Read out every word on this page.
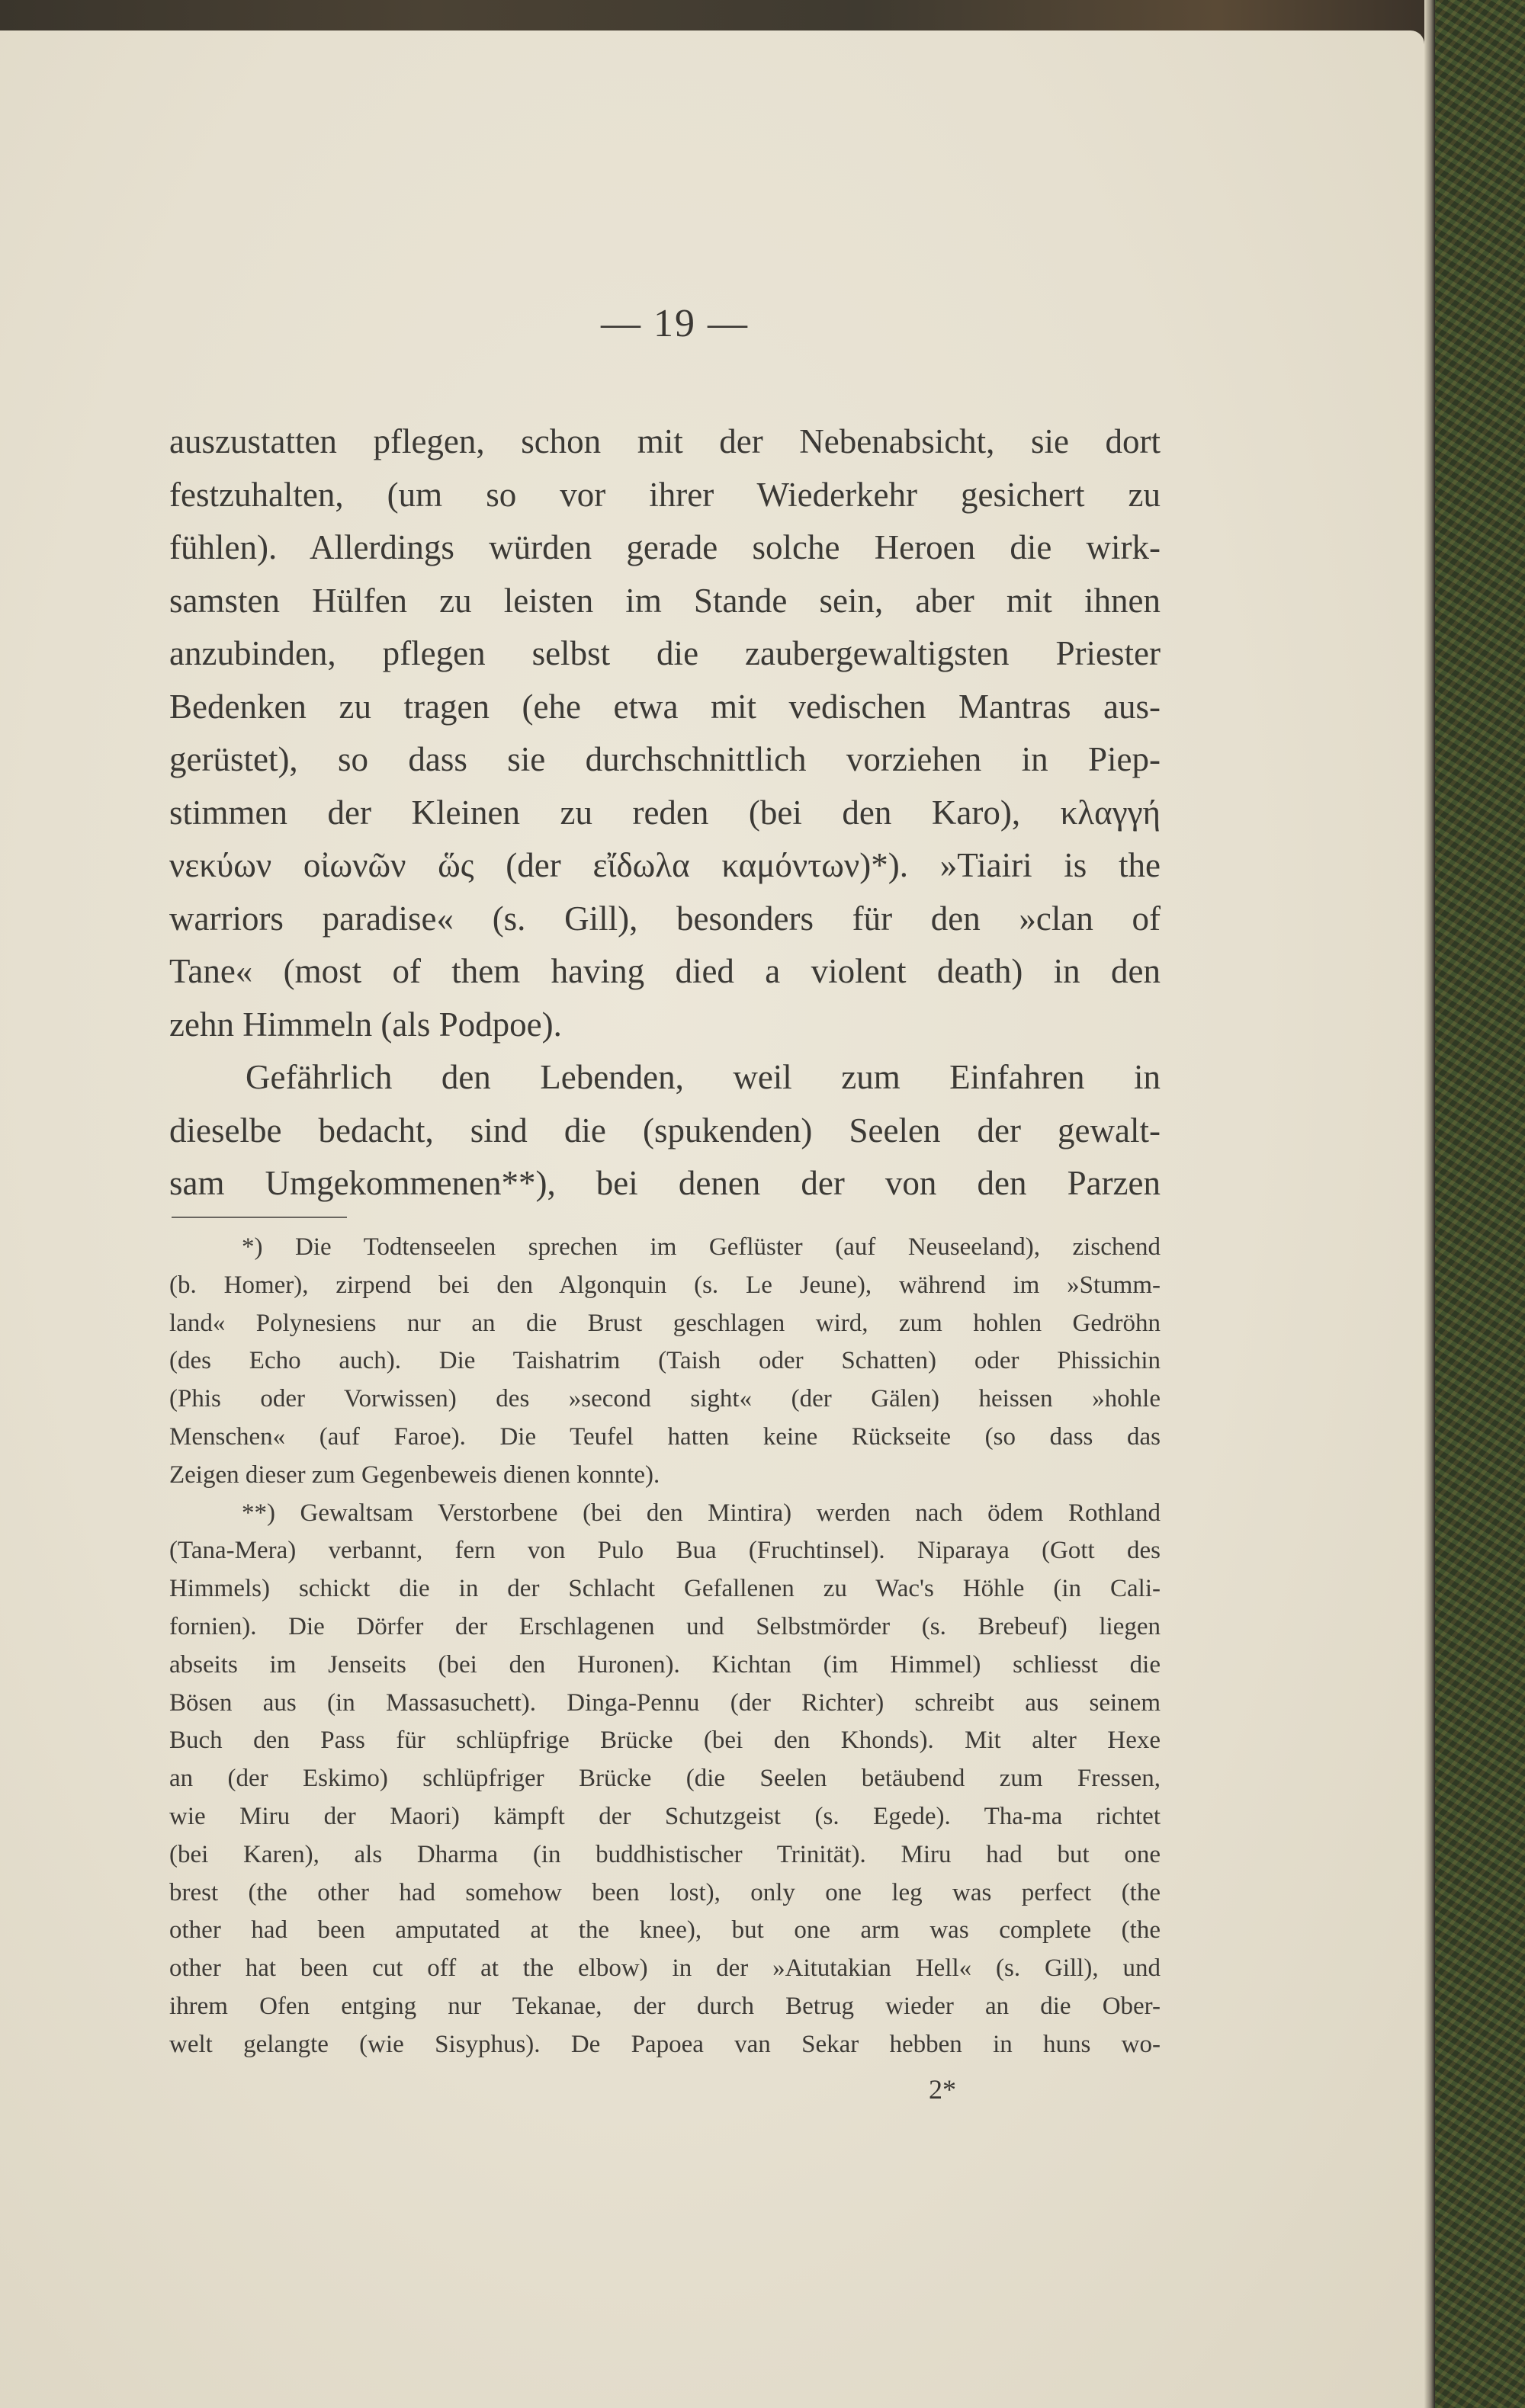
— 19 —

auszustatten pflegen, schon mit der Nebenabsicht, sie dort
festzuhalten, (um so vor ihrer Wiederkehr gesichert zu
fühlen). Allerdings würden gerade solche Heroen die wirk-
samsten Hülfen zu leisten im Stande sein, aber mit ihnen
anzubinden, pflegen selbst die zaubergewaltigsten Priester
Bedenken zu tragen (ehe etwa mit vedischen Mantras aus-
gerüstet), so dass sie durchschnittlich vorziehen in Piep-
stimmen der Kleinen zu reden (bei den Karo), κλαγγή
νεκύων οἰωνῶν ὥς (der εἴδωλα καμόντων)*). »Tiairi is the
warriors paradise« (s. Gill), besonders für den »clan of
Tane« (most of them having died a violent death) in den
zehn Himmeln (als Podpoe).

Gefährlich den Lebenden, weil zum Einfahren in
dieselbe bedacht, sind die (spukenden) Seelen der gewalt-
sam Umgekommenen**), bei denen der von den Parzen

*) Die Todtenseelen sprechen im Geflüster (auf Neuseeland), zischend
(b. Homer), zirpend bei den Algonquin (s. Le Jeune), während im »Stumm-
land« Polynesiens nur an die Brust geschlagen wird, zum hohlen Gedröhn
(des Echo auch). Die Taishatrim (Taish oder Schatten) oder Phissichin
(Phis oder Vorwissen) des »second sight« (der Gälen) heissen »hohle
Menschen« (auf Faroe). Die Teufel hatten keine Rückseite (so dass das
Zeigen dieser zum Gegenbeweis dienen konnte).
**) Gewaltsam Verstorbene (bei den Mintira) werden nach ödem Rothland
(Tana-Mera) verbannt, fern von Pulo Bua (Fruchtinsel). Niparaya (Gott des
Himmels) schickt die in der Schlacht Gefallenen zu Wac's Höhle (in Cali-
fornien). Die Dörfer der Erschlagenen und Selbstmörder (s. Brebeuf) liegen
abseits im Jenseits (bei den Huronen). Kichtan (im Himmel) schliesst die
Bösen aus (in Massasuchett). Dinga-Pennu (der Richter) schreibt aus seinem
Buch den Pass für schlüpfrige Brücke (bei den Khonds). Mit alter Hexe
an (der Eskimo) schlüpfriger Brücke (die Seelen betäubend zum Fressen,
wie Miru der Maori) kämpft der Schutzgeist (s. Egede). Tha-ma richtet
(bei Karen), als Dharma (in buddhistischer Trinität). Miru had but one
brest (the other had somehow been lost), only one leg was perfect (the
other had been amputated at the knee), but one arm was complete (the
other hat been cut off at the elbow) in der »Aitutakian Hell« (s. Gill), und
ihrem Ofen entging nur Tekanae, der durch Betrug wieder an die Ober-
welt gelangte (wie Sisyphus). De Papoea van Sekar hebben in huns wo-
2*
